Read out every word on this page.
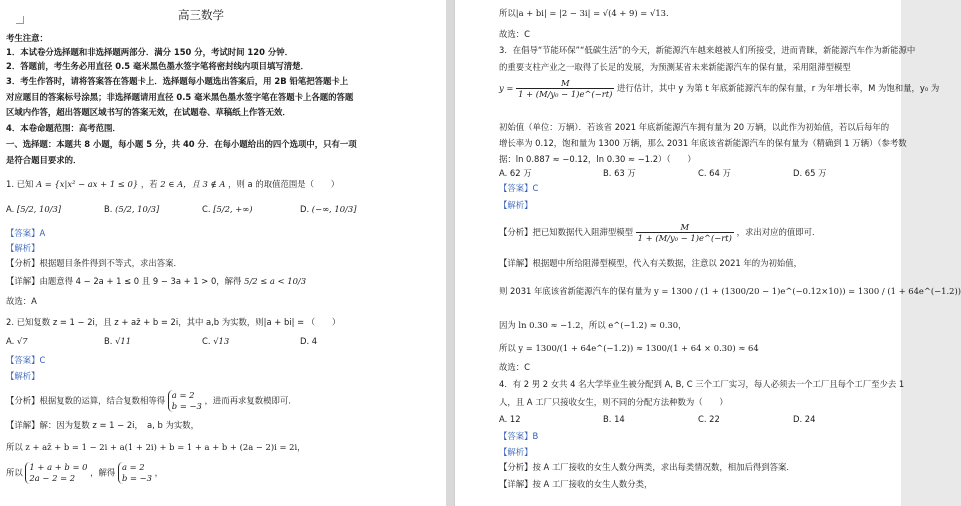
高三数学
考生注意：
1．本试卷分选择题和非选择题两部分．满分 150 分，考试时间 120 分钟．
2．答题前，考生务必用直径 0.5 毫米黑色墨水签字笔将密封线内项目填写清楚．
3．考生作答时，请将答案答在答题卡上．选择题每小题选出答案后，用 2B 铅笔把答题卡上
对应题目的答案标号涂黑；非选择题请用直径 0.5 毫米黑色墨水签字笔在答题卡上各题的答题
区域内作答，超出答题区域书写的答案无效，在试题卷、草稿纸上作答无效．
4．本卷命题范围：高考范围．
一、选择题：本题共 8 小题，每小题 5 分，共 40 分．在每小题给出的四个选项中，只有一项
是符合题目要求的．
1. 已知 A = {x|x² − ax + 1 ≤ 0} ，若 2 ∈ A，且 3 ∉ A ，则 a 的取值范围是（　　）
A. [5/2, 10/3]	B. (5/2, 10/3]	C. [5/2, +∞)	D. (−∞, 10/3]
【答案】A
【解析】
【分析】根据题目条件得到不等式，求出答案．
【详解】由题意得 4 − 2a + 1 ≤ 0 且 9 − 3a + 1 > 0，解得 5/2 ≤ a < 10/3
故选：A
2. 已知复数 z = 1 − 2i，且 z + az̄ + b = 2i，其中 a,b 为实数，则|a + bi| = （　　）
A. √7	B. √11	C. √13	D. 4
【答案】C
【解析】
【分析】根据复数的运算，结合复数相等得 a = 2
b = −3 ，进而再求复数模即可．
【详解】解：因为复数 z = 1 − 2i，　a, b 为实数，
所以 z + az̄ + b = 1 − 2i + a(1 + 2i) + b = 1 + a + b + (2a − 2)i = 2i，
所以 1 + a + b = 0
2a − 2 = 2 ，解得 a = 2
b = −3 ，
所以|a + bi| = |2 − 3i| = √(4 + 9) = √13．
故选：C
3．在倡导“节能环保”“低碳生活”的今天，新能源汽车越来越被人们所接受，进而青睐，新能源汽车作为新能源中
的重要支柱产业之一取得了长足的发展，为预测某省未来新能源汽车的保有量，采用阻滞型模型
$y = \frac{M}{\text{1 + (M/y₀ − 1)e\textasciicircum{}(−rt)}}$ 进行估计，其中 y 为第 t 年底新能源汽车的保有量，r 为年增长率，M 为饱和量，y₀ 为
初始值（单位：万辆）．若该省 2021 年底新能源汽车拥有量为 20 万辆，以此作为初始值，若以后每年的
增长率为 0.12，饱和量为 1300 万辆，那么 2031 年底该省新能源汽车的保有量为（精确到 1 万辆）（参考数
据：ln 0.887 ≈ −0.12，ln 0.30 ≈ −1.2）（　　）
A. 62 万	B. 63 万	C. 64 万	D. 65 万
【答案】C
【解析】
【分析】把已知数据代入阻滞型模型 $\frac{M}{\text{1 + (M/y₀ − 1)e\textasciicircum{}(−rt)}}$ ，求出对应的值即可．
【详解】根据题中所给阻滞型模型，代入有关数据，注意以 2021 年的为初始值，
则 2031 年底该省新能源汽车的保有量为 y = 1300 / (1 + (1300/20 − 1)e^(−0.12×10)) = 1300 / (1 + 64e^(−1.2))
因为 ln 0.30 ≈ −1.2，所以 e^(−1.2) ≈ 0.30，
所以 y = 1300/(1 + 64e^(−1.2)) ≈ 1300/(1 + 64 × 0.30) ≈ 64
故选：C
4．有 2 男 2 女共 4 名大学毕业生被分配到 A, B, C 三个工厂实习，每人必须去一个工厂且每个工厂至少去 1
人，且 A 工厂只接收女生，则不同的分配方法种数为（　　）
A. 12	B. 14	C. 22	D. 24
【答案】B
【解析】
【分析】按 A 工厂接收的女生人数分两类，求出每类情况数，相加后得到答案．
【详解】按 A 工厂接收的女生人数分类，
